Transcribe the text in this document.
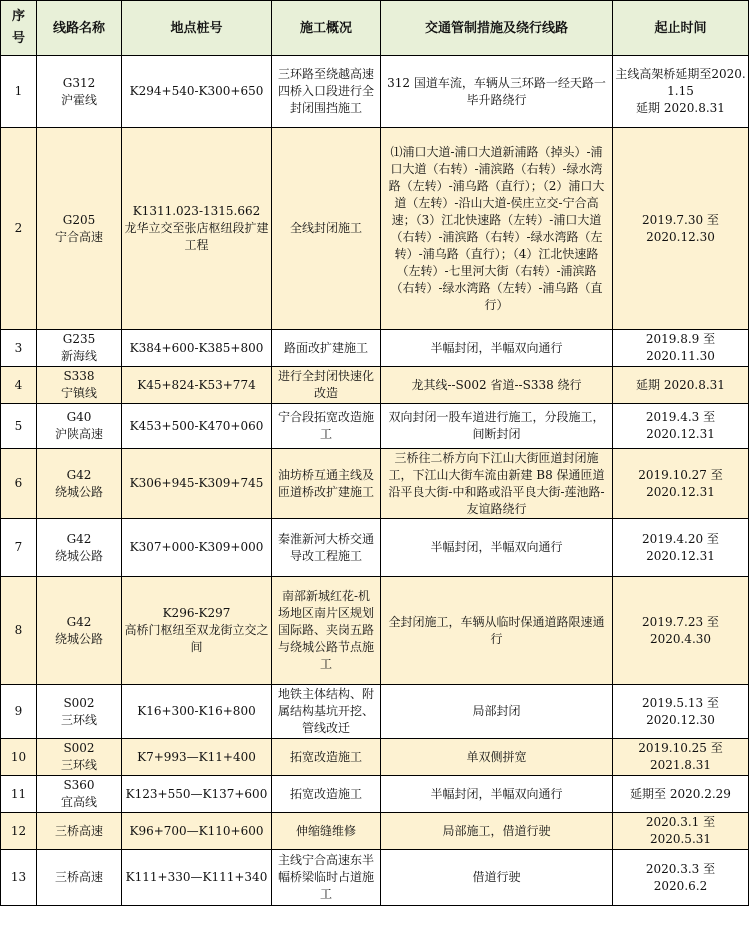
序
号	线路名称	地点桩号	施工概况	交通管制措施及绕行线路	起止时间

1	G312
沪霍线	K294+540-K300+650	三环路至绕越高速四桥入口段进行全封闭围挡施工	312 国道车流，车辆从三环路一经天路一毕升路绕行	主线高架桥延期至2020.1.15
延期 2020.8.31

2	G205
宁合高速	K1311.023-1315.662
龙华立交至张店枢纽段扩建工程	全线封闭施工	⑴浦口大道-浦口大道新浦路（掉头）-浦口大道（右转）-浦滨路（右转）-绿水湾路（左转）-浦乌路（直行）；（2）浦口大道（左转）-沿山大道-侯庄立交-宁合高速；（3）江北快速路（左转）-浦口大道（右转）-浦滨路（右转）-绿水湾路（左转）-浦乌路（直行）；（4）江北快速路（左转）-七里河大街（右转）-浦滨路（右转）-绿水湾路（左转）-浦乌路（直行）	2019.7.30 至
2020.12.30

3	G235
新海线	K384+600-K385+800	路面改扩建施工	半幅封闭，半幅双向通行	2019.8.9 至
2020.11.30

4	S338
宁镇线	K45+824-K53+774	进行全封闭快速化改造	龙其线--S002 省道--S338 绕行	延期 2020.8.31

5	G40
沪陕高速	K453+500-K470+060	宁合段拓宽改造施工	双向封闭一股车道进行施工，分段施工，间断封闭	2019.4.3 至
2020.12.31

6	G42
绕城公路	K306+945-K309+745	油坊桥互通主线及匝道桥改扩建施工	三桥往二桥方向下江山大街匝道封闭施工，下江山大街车流由新建 B8 保通匝道沿平良大街-中和路或沿平良大街-莲池路-友谊路绕行	2019.10.27 至
2020.12.31

7	G42
绕城公路	K307+000-K309+000	秦淮新河大桥交通导改工程施工	半幅封闭，半幅双向通行	2019.4.20 至
2020.12.31

8	G42
绕城公路	K296-K297
高桥门枢纽至双龙街立交之间	南部新城红花-机场地区南片区规划国际路、夹岗五路与绕城公路节点施工	全封闭施工，车辆从临时保通道路限速通行	2019.7.23 至
2020.4.30

9	S002
三环线	K16+300-K16+800	地铁主体结构、附属结构基坑开挖、管线改迁	局部封闭	2019.5.13 至
2020.12.30

10	S002
三环线	K7+993—K11+400	拓宽改造施工	单双侧拼宽	2019.10.25 至
2021.8.31

11	S360
宜高线	K123+550—K137+600	拓宽改造施工	半幅封闭，半幅双向通行	延期至 2020.2.29

12	三桥高速	K96+700—K110+600	伸缩缝维修	局部施工，借道行驶	2020.3.1 至
2020.5.31

13	三桥高速	K111+330—K111+340	主线宁合高速东半幅桥梁临时占道施工	借道行驶	2020.3.3 至
2020.6.2
